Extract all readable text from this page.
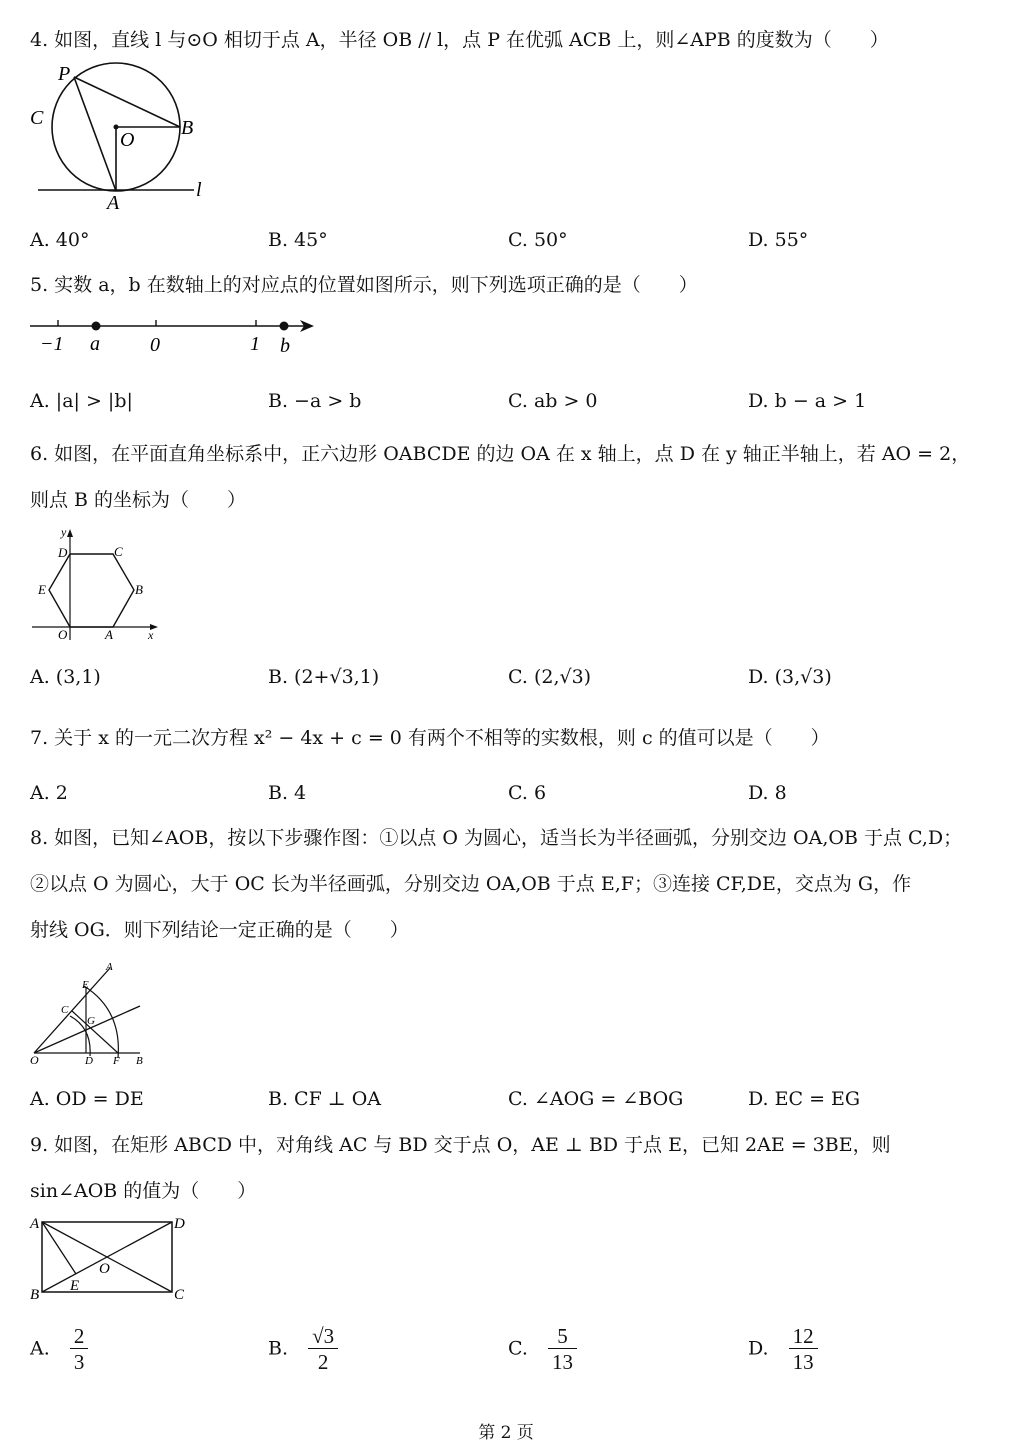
4. 如图，直线 l 与⊙O 相切于点 A，半径 OB // l，点 P 在优弧 ACB 上，则∠APB 的度数为（　　）
P
C
O
B
A
l
A. 40°	B. 45°	C. 50°	D. 55°
5. 实数 a，b 在数轴上的对应点的位置如图所示，则下列选项正确的是（　　）
−1 a	0	1 b
A. |a| > |b|	B. −a > b	C. ab > 0	D. b − a > 1
6. 如图，在平面直角坐标系中，正六边形 OABCDE 的边 OA 在 x 轴上，点 D 在 y 轴正半轴上，若 AO = 2，
则点 B 的坐标为（　　）
y
D	C
E	B
O	A	x
A. (3,1)	B. (2+√3,1)	C. (2,√3)	D. (3,√3)
7. 关于 x 的一元二次方程 x² − 4x + c = 0 有两个不相等的实数根，则 c 的值可以是（　　）
A. 2	B. 4	C. 6	D. 8
8. 如图，已知∠AOB，按以下步骤作图：①以点 O 为圆心，适当长为半径画弧，分别交边 OA,OB 于点 C,D；
②以点 O 为圆心，大于 OC 长为半径画弧，分别交边 OA,OB 于点 E,F；③连接 CF,DE，交点为 G，作
射线 OG．则下列结论一定正确的是（　　）
A
E
C
G
O	D F B
A. OD = DE	B. CF ⊥ OA	C. ∠AOG = ∠BOG	D. EC = EG
9. 如图，在矩形 ABCD 中，对角线 AC 与 BD 交于点 O，AE ⊥ BD 于点 E，已知 2AE = 3BE，则
sin∠AOB 的值为（　　）
A	D
O
B
E
C
A. $\frac{2}{3}$	B. $\frac{√3}{2}$	C. $\frac{5}{13}$	D. $\frac{12}{13}$
第 2 页
